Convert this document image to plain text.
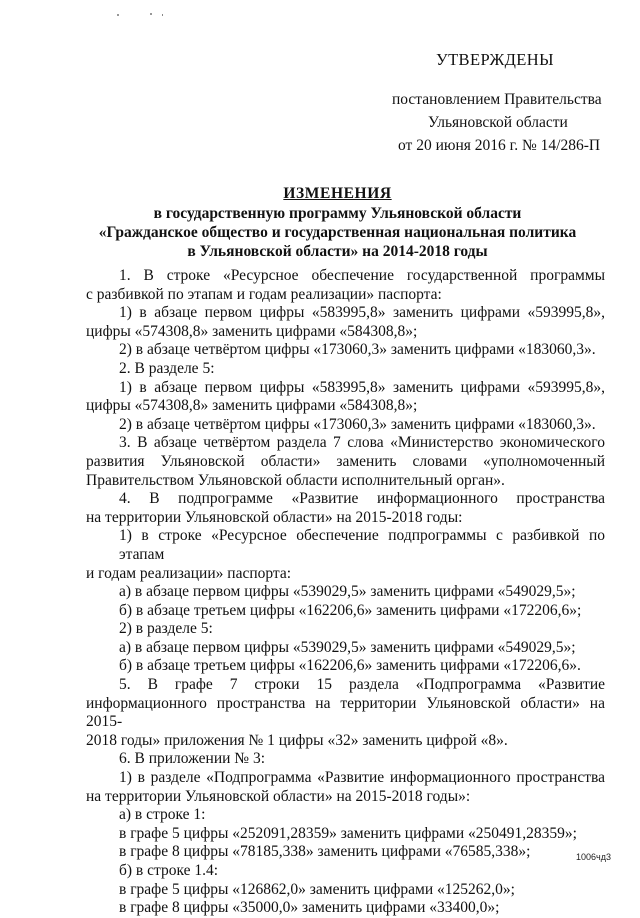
УТВЕРЖДЕНЫ
постановлением Правительства
Ульяновской области
от 20 июня 2016 г. № 14/286-П
ИЗМЕНЕНИЯ
в государственную программу Ульяновской области
«Гражданское общество и государственная национальная политика
в Ульяновской области» на 2014-2018 годы
1. В строке «Ресурсное обеспечение государственной программы
с разбивкой по этапам и годам реализации» паспорта:
1) в абзаце первом цифры «583995,8» заменить цифрами «593995,8»,
цифры «574308,8» заменить цифрами «584308,8»;
2) в абзаце четвёртом цифры «173060,3» заменить цифрами «183060,3».
2. В разделе 5:
1) в абзаце первом цифры «583995,8» заменить цифрами «593995,8»,
цифры «574308,8» заменить цифрами «584308,8»;
2) в абзаце четвёртом цифры «173060,3» заменить цифрами «183060,3».
3. В абзаце четвёртом раздела 7 слова «Министерство экономического
развития Ульяновской области» заменить словами «уполномоченный
Правительством Ульяновской области исполнительный орган».
4. В подпрограмме «Развитие информационного пространства
на территории Ульяновской области» на 2015-2018 годы:
1) в строке «Ресурсное обеспечение подпрограммы с разбивкой по этапам
и годам реализации» паспорта:
а) в абзаце первом цифры «539029,5» заменить цифрами «549029,5»;
б) в абзаце третьем цифры «162206,6» заменить цифрами «172206,6»;
2) в разделе 5:
а) в абзаце первом цифры «539029,5» заменить цифрами «549029,5»;
б) в абзаце третьем цифры «162206,6» заменить цифрами «172206,6».
5. В графе 7 строки 15 раздела «Подпрограмма «Развитие
информационного пространства на территории Ульяновской области» на 2015-
2018 годы» приложения № 1 цифры «32» заменить цифрой «8».
6. В приложении № 3:
1) в разделе «Подпрограмма «Развитие информационного пространства
на территории Ульяновской области» на 2015-2018 годы»:
а) в строке 1:
в графе 5 цифры «252091,28359» заменить цифрами «250491,28359»;
в графе 8 цифры «78185,338» заменить цифрами «76585,338»;
б) в строке 1.4:
в графе 5 цифры «126862,0» заменить цифрами «125262,0»;
в графе 8 цифры «35000,0» заменить цифрами «33400,0»;
1006чд3
